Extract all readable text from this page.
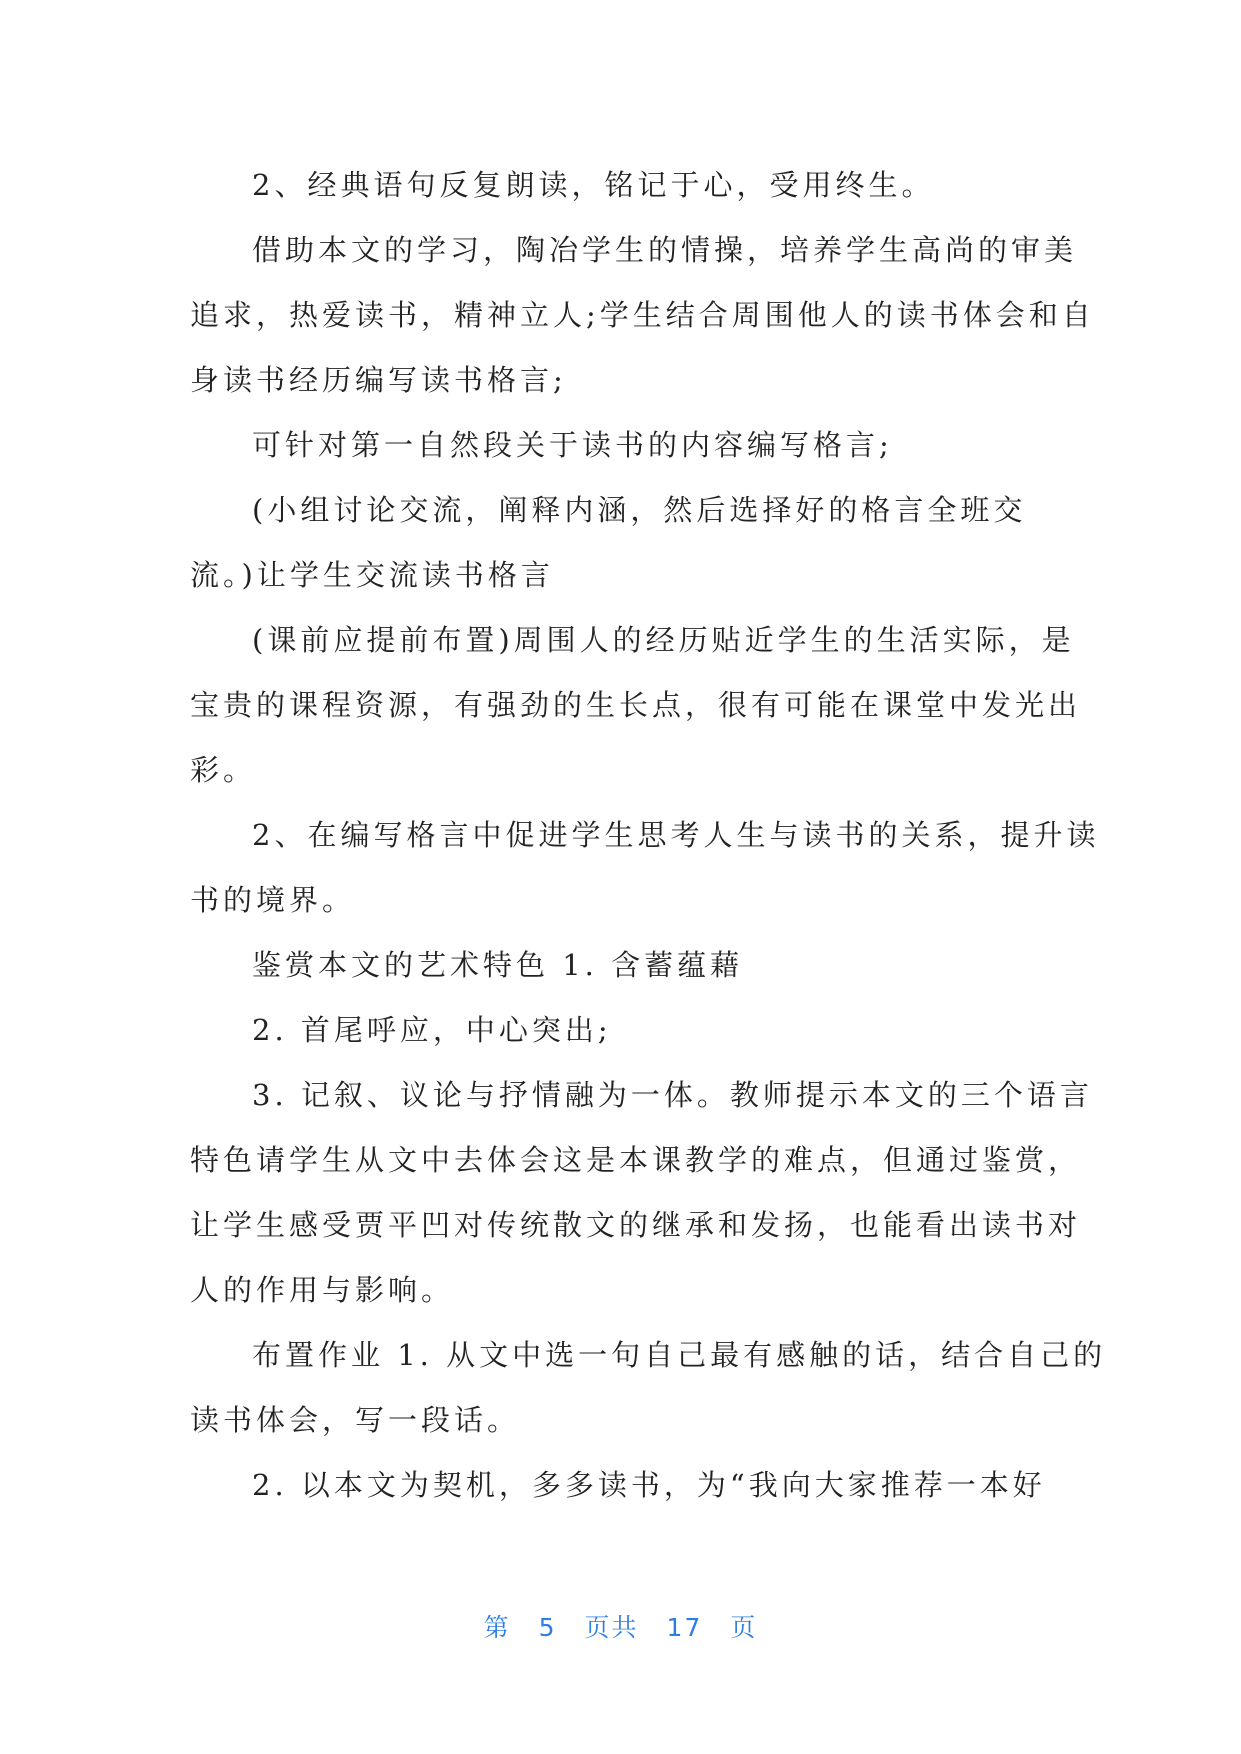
2、经典语句反复朗读，铭记于心，受用终生。

借助本文的学习，陶冶学生的情操，培养学生高尚的审美

追求，热爱读书，精神立人;学生结合周围他人的读书体会和自

身读书经历编写读书格言;

可针对第一自然段关于读书的内容编写格言;

(小组讨论交流，阐释内涵，然后选择好的格言全班交

流。)让学生交流读书格言

(课前应提前布置)周围人的经历贴近学生的生活实际，是

宝贵的课程资源，有强劲的生长点，很有可能在课堂中发光出

彩。

2、在编写格言中促进学生思考人生与读书的关系，提升读

书的境界。

鉴赏本文的艺术特色 1. 含蓄蕴藉

2. 首尾呼应，中心突出;

3. 记叙、议论与抒情融为一体。教师提示本文的三个语言

特色请学生从文中去体会这是本课教学的难点，但通过鉴赏，

让学生感受贾平凹对传统散文的继承和发扬，也能看出读书对

人的作用与影响。

布置作业 1. 从文中选一句自己最有感触的话，结合自己的

读书体会，写一段话。

2. 以本文为契机，多多读书，为“我向大家推荐一本好

第 5 页共 17 页
